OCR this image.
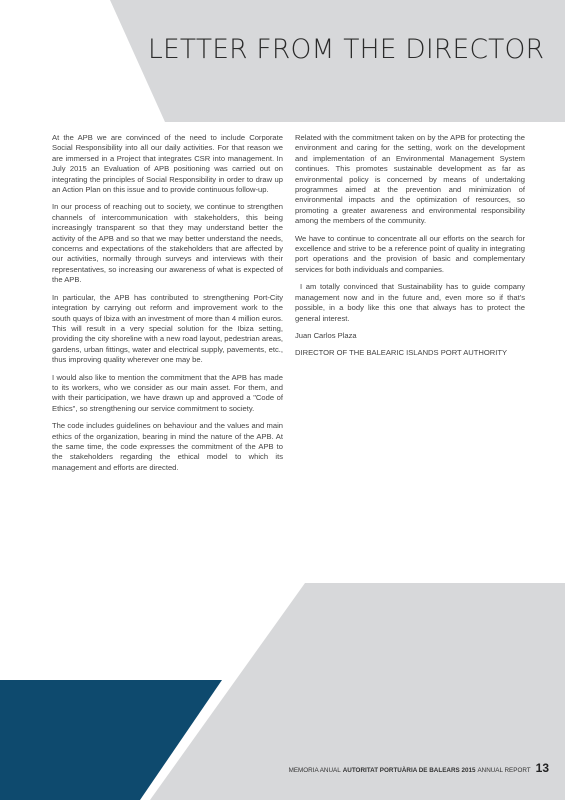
LETTER FROM THE DIRECTOR

At the APB we are convinced of the need to include Corporate Social Responsibility into all our daily activities. For that reason we are immersed in a Project that integrates CSR into management. In July 2015 an Evaluation of APB positioning was carried out on integrating the principles of Social Responsibility in order to draw up an Action Plan on this issue and to provide continuous follow-up.

In our process of reaching out to society, we continue to strengthen channels of intercommunication with stakeholders, this being increasingly transparent so that they may understand better the activity of the APB and so that we may better understand the needs, concerns and expectations of the stakeholders that are affected by our activities, normally through surveys and interviews with their representatives, so increasing our awareness of what is expected of the APB.

In particular, the APB has contributed to strengthening Port-City integration by carrying out reform and improvement work to the south quays of Ibiza with an investment of more than 4 million euros. This will result in a very special solution for the Ibiza setting, providing the city shoreline with a new road layout, pedestrian areas, gardens, urban fittings, water and electrical supply, pavements, etc., thus improving quality wherever one may be.

I would also like to mention the commitment that the APB has made to its workers, who we consider as our main asset. For them, and with their participation, we have drawn up and approved a "Code of Ethics", so strengthening our service commitment to society.

The code includes guidelines on behaviour and the values and main ethics of the organization, bearing in mind the nature of the APB. At the same time, the code expresses the commitment of the APB to the stakeholders regarding the ethical model to which its management and efforts are directed.

Related with the commitment taken on by the APB for protecting the environment and caring for the setting, work on the development and implementation of an Environmental Management System continues. This promotes sustainable development as far as environmental policy is concerned by means of undertaking programmes aimed at the prevention and minimization of environmental impacts and the optimization of resources, so promoting a greater awareness and environmental responsibility among the members of the community.

We have to continue to concentrate all our efforts on the search for excellence and strive to be a reference point of quality in integrating port operations and the provision of basic and complementary services for both individuals and companies.

I am totally convinced that Sustainability has to guide company management now and in the future and, even more so if that's possible, in a body like this one that always has to protect the general interest.

Juan Carlos Plaza

DIRECTOR OF THE BALEARIC ISLANDS PORT AUTHORITY

MEMORIA ANUAL AUTORITAT PORTUÀRIA DE BALEARS 2015 ANNUAL REPORT 13
